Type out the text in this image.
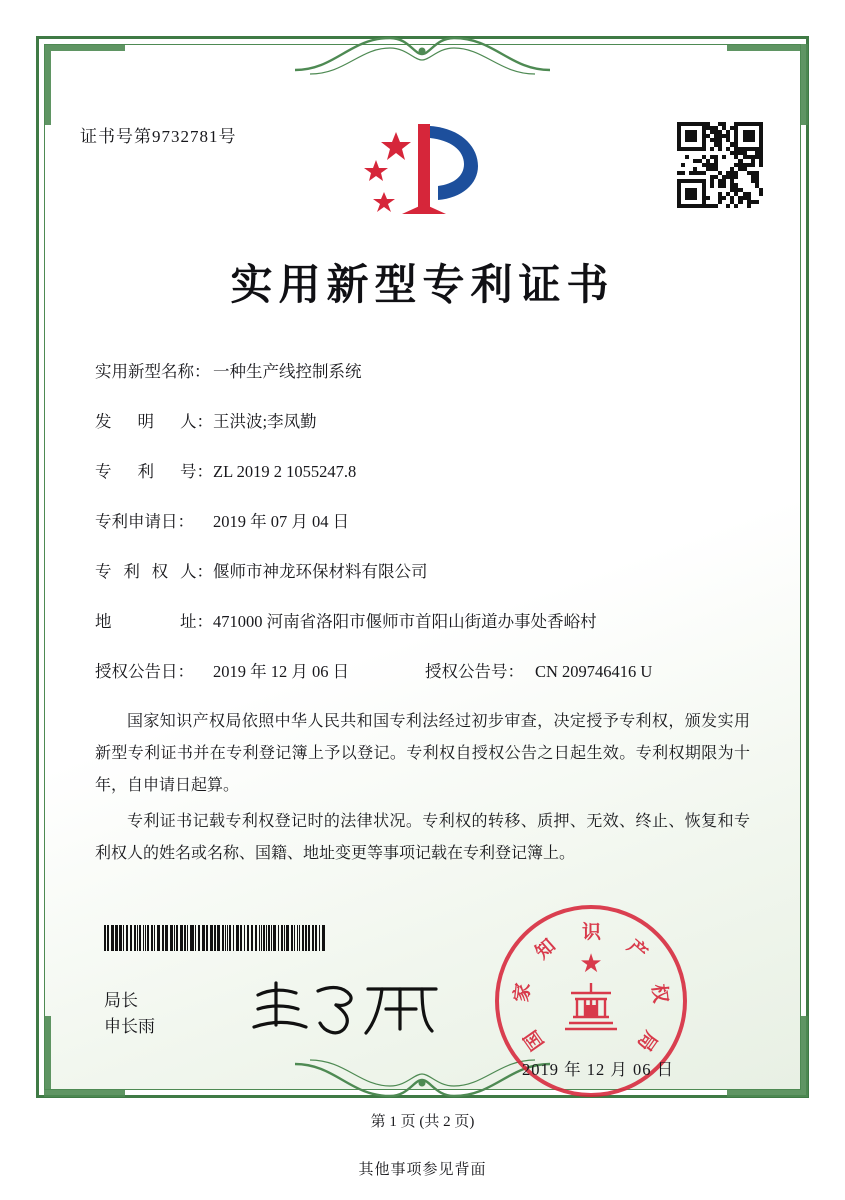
证书号第9732781号
实用新型专利证书
实用新型名称： 一种生产线控制系统
发 明 人： 王洪波;李凤勤
专 利 号： ZL 2019 2 1055247.8
专利申请日：	2019 年 07 月 04 日
专 利 权 人： 偃师市神龙环保材料有限公司
地	址： 471000 河南省洛阳市偃师市首阳山街道办事处香峪村
授权公告日：	2019 年 12 月 06 日	授权公告号： CN 209746416 U

国家知识产权局依照中华人民共和国专利法经过初步审查，决定授予专利权，颁发实用新型专利证书并在专利登记簿上予以登记。专利权自授权公告之日起生效。专利权期限为十年，自申请日起算。

专利证书记载专利权登记时的法律状况。专利权的转移、质押、无效、终止、恢复和专利权人的姓名或名称、国籍、地址变更等事项记载在专利登记簿上。

局长
申长雨
★
国
家
知
识
产
权
局
2019 年 12 月 06 日
第 1 页 (共 2 页)
其他事项参见背面
